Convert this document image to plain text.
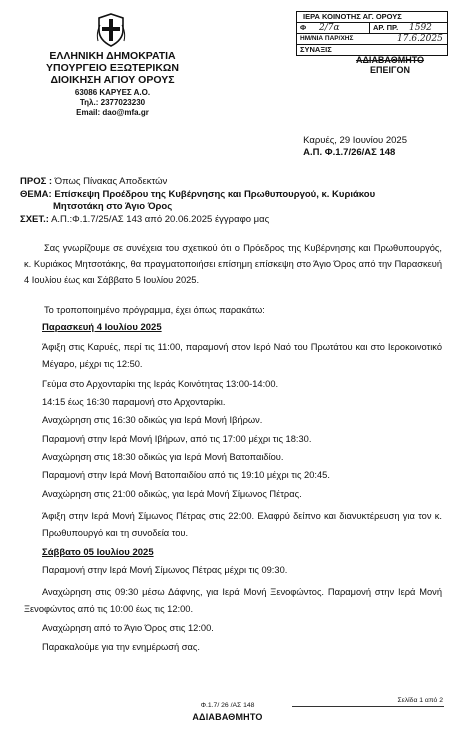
ΕΛΛΗΝΙΚΗ ΔΗΜΟΚΡΑΤΙΑ
ΥΠΟΥΡΓΕΙΟ ΕΞΩΤΕΡΙΚΩΝ
ΔΙΟΙΚΗΣΗ ΑΓΙΟΥ ΟΡΟΥΣ
63086 ΚΑΡΥΕΣ Α.Ο.
Τηλ.: 2377023230
Email: dao@mfa.gr
ΙΕΡΑ ΚΟΙΝΟΤΗΣ ΑΓ. ΟΡΟΥΣ
Φ 2/7α	ΑΡ. ΠΡ. 1592
ΗΜ/ΝΙΑ ΠΑΡ/ΧΗΣ	17.6.2025
ΣΥΝΑΞΙΣ
ΑΔΙΑΒΑΘΜΗΤΟ
ΕΠΕΙΓΟΝ
Καρυές, 29 Ιουνίου 2025
Α.Π. Φ.1.7/26/ΑΣ 148
ΠΡΟΣ : Όπως Πίνακας Αποδεκτών
ΘΕΜΑ: Επίσκεψη Προέδρου της Κυβέρνησης και Πρωθυπουργού, κ. Κυριάκου
Μητσοτάκη στο Άγιο Όρος
ΣΧΕΤ.: Α.Π.:Φ.1.7/25/ΑΣ 143 από 20.06.2025 έγγραφο μας
Σας γνωρίζουμε σε συνέχεια του σχετικού ότι ο Πρόεδρος της Κυβέρνησης και Πρωθυπουργός, κ. Κυριάκος Μητσοτάκης, θα πραγματοποιήσει επίσημη επίσκεψη στο Άγιο Όρος από την Παρασκευή 4 Ιουλίου έως και Σάββατο 5 Ιουλίου 2025.
Το τροποποιημένο πρόγραμμα, έχει όπως παρακάτω:
Παρασκευή 4 Ιουλίου 2025
Άφιξη στις Καρυές, περί τις 11:00, παραμονή στον Ιερό Ναό του Πρωτάτου και στο Ιεροκοινοτικό Μέγαρο, μέχρι τις 12:50.
Γεύμα στο Αρχονταρίκι της Ιεράς Κοινότητας 13:00-14:00.
14:15 έως 16:30 παραμονή στο Αρχονταρίκι.
Αναχώρηση στις 16:30 οδικώς για Ιερά Μονή Ιβήρων.
Παραμονή στην Ιερά Μονή Ιβήρων, από τις 17:00 μέχρι τις 18:30.
Αναχώρηση στις 18:30 οδικώς για Ιερά Μονή Βατοπαιδίου.
Παραμονή στην Ιερά Μονή Βατοπαιδίου από τις 19:10 μέχρι τις 20:45.
Αναχώρηση στις 21:00 οδικώς, για Ιερά Μονή Σίμωνος Πέτρας.
Άφιξη στην Ιερά Μονή Σίμωνος Πέτρας στις 22:00. Ελαφρύ δείπνο και διανυκτέρευση για τον κ. Πρωθυπουργό και τη συνοδεία του.
Σάββατο 05 Ιουλίου 2025
Παραμονή στην Ιερά Μονή Σίμωνος Πέτρας μέχρι τις 09:30.
Αναχώρηση στις 09:30 μέσω Δάφνης, για Ιερά Μονή Ξενοφώντος. Παραμονή στην Ιερά Μονή Ξενοφώντος από τις 10:00 έως τις 12:00.
Αναχώρηση από το Άγιο Όρος στις 12:00.
Παρακαλούμε για την ενημέρωσή σας.
Σελίδα 1 από 2
Φ.1.7/ 26 /ΑΣ 148
ΑΔΙΑΒΑΘΜΗΤΟ
